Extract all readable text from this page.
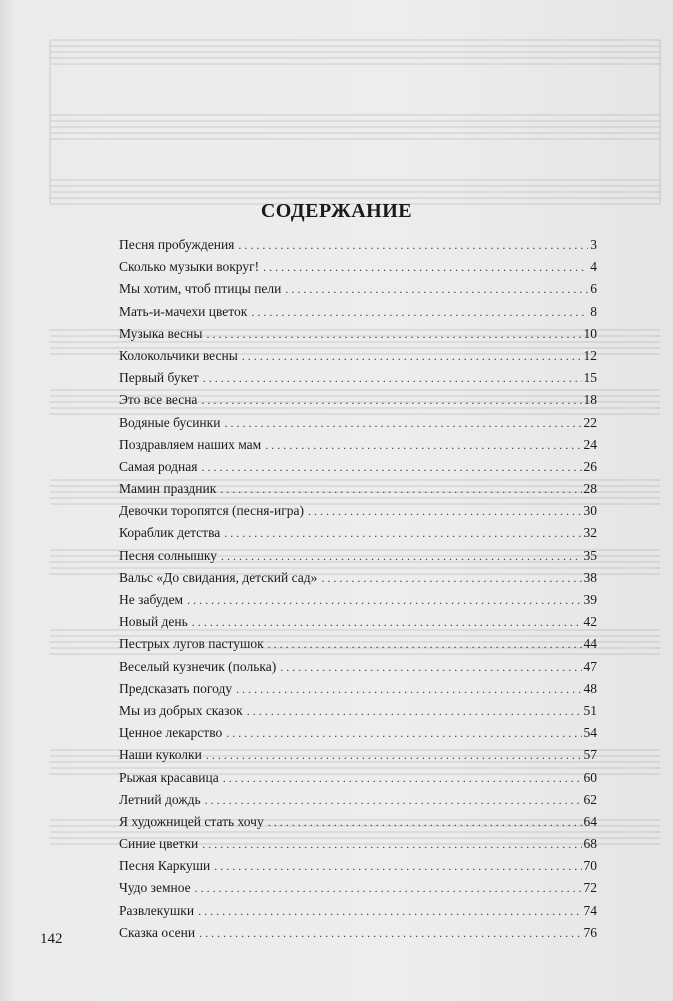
СОДЕРЖАНИЕ
Песня пробуждения . . .	3
Сколько музыки вокруг! . . .	4
Мы хотим, чтоб птицы пели . . .	6
Мать-и-мачехи цветок . . .	8
Музыка весны . . .	10
Колокольчики весны . . .	12
Первый букет . . .	15
Это все весна . . .	18
Водяные бусинки . . .	22
Поздравляем наших мам . . .	24
Самая родная . . .	26
Мамин праздник . . .	28
Девочки торопятся (песня-игра) . . .	30
Кораблик детства . . .	32
Песня солнышку . . .	35
Вальс «До свидания, детский сад» . . .	38
Не забудем . . .	39
Новый день . . .	42
Пестрых лугов пастушок . . .	44
Веселый кузнечик (полька) . . .	47
Предсказать погоду . . .	48
Мы из добрых сказок . . .	51
Ценное лекарство . . .	54
Наши куколки . . .	57
Рыжая красавица . . .	60
Летний дождь . . .	62
Я художницей стать хочу . . .	64
Синие цветки . . .	68
Песня Каркуши . . .	70
Чудо земное . . .	72
Развлекушки . . .	74
Сказка осени . . .	76
142
